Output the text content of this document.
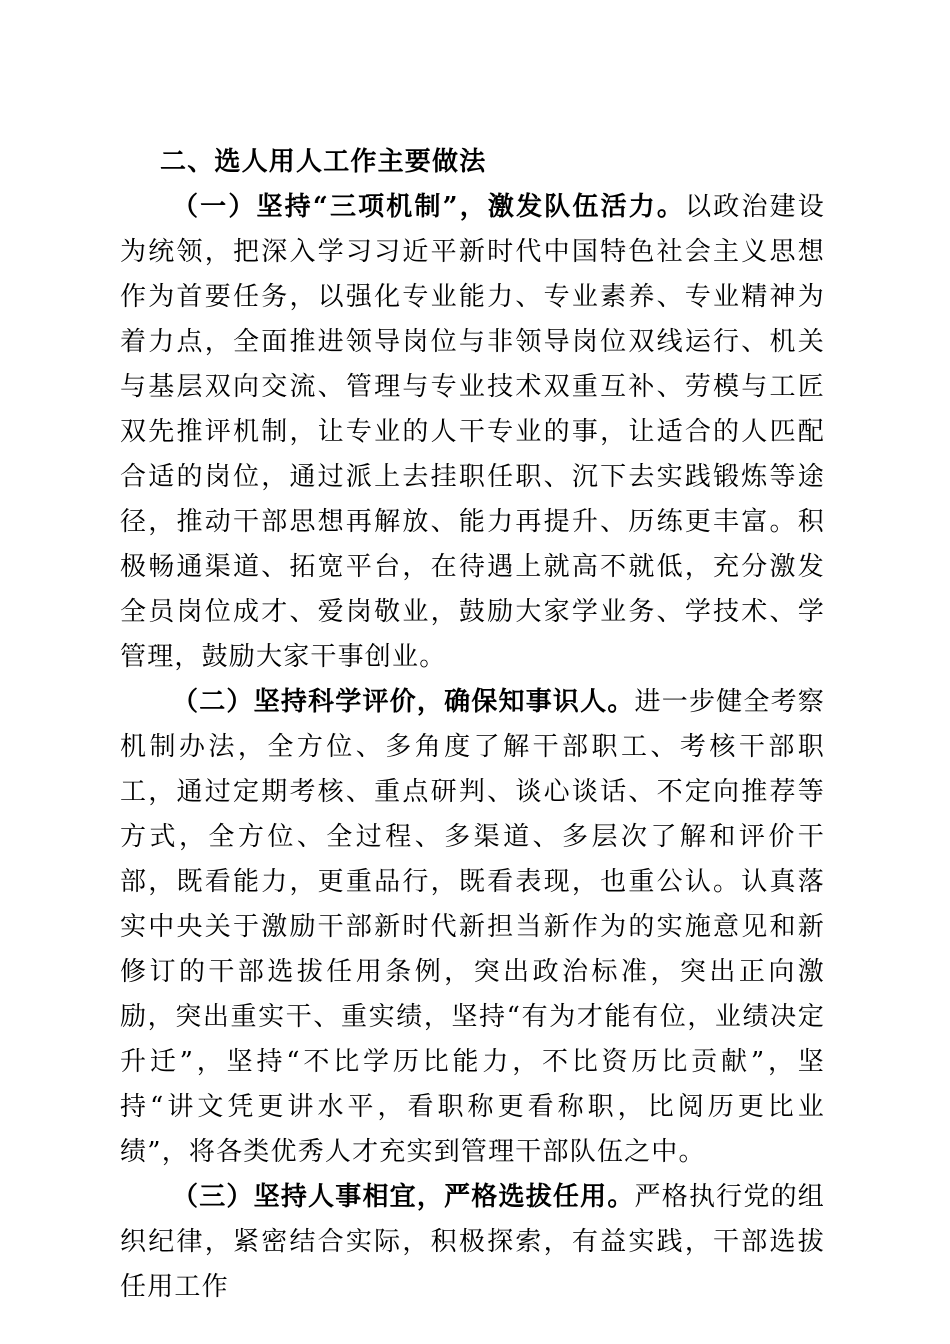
二、选人用人工作主要做法

（一）坚持“三项机制”，激发队伍活力。以政治建设为统领，把深入学习习近平新时代中国特色社会主义思想作为首要任务，以强化专业能力、专业素养、专业精神为着力点，全面推进领导岗位与非领导岗位双线运行、机关与基层双向交流、管理与专业技术双重互补、劳模与工匠双先推评机制，让专业的人干专业的事，让适合的人匹配合适的岗位，通过派上去挂职任职、沉下去实践锻炼等途径，推动干部思想再解放、能力再提升、历练更丰富。积极畅通渠道、拓宽平台，在待遇上就高不就低，充分激发全员岗位成才、爱岗敬业，鼓励大家学业务、学技术、学管理，鼓励大家干事创业。

（二）坚持科学评价，确保知事识人。进一步健全考察机制办法，全方位、多角度了解干部职工、考核干部职工，通过定期考核、重点研判、谈心谈话、不定向推荐等方式，全方位、全过程、多渠道、多层次了解和评价干部，既看能力，更重品行，既看表现，也重公认。认真落实中央关于激励干部新时代新担当新作为的实施意见和新修订的干部选拔任用条例，突出政治标准，突出正向激励，突出重实干、重实绩，坚持“有为才能有位，业绩决定升迁”，坚持“不比学历比能力，不比资历比贡献”，坚持“讲文凭更讲水平，看职称更看称职，比阅历更比业绩”，将各类优秀人才充实到管理干部队伍之中。

（三）坚持人事相宜，严格选拔任用。严格执行党的组织纪律，紧密结合实际，积极探索，有益实践，干部选拔任用工作
